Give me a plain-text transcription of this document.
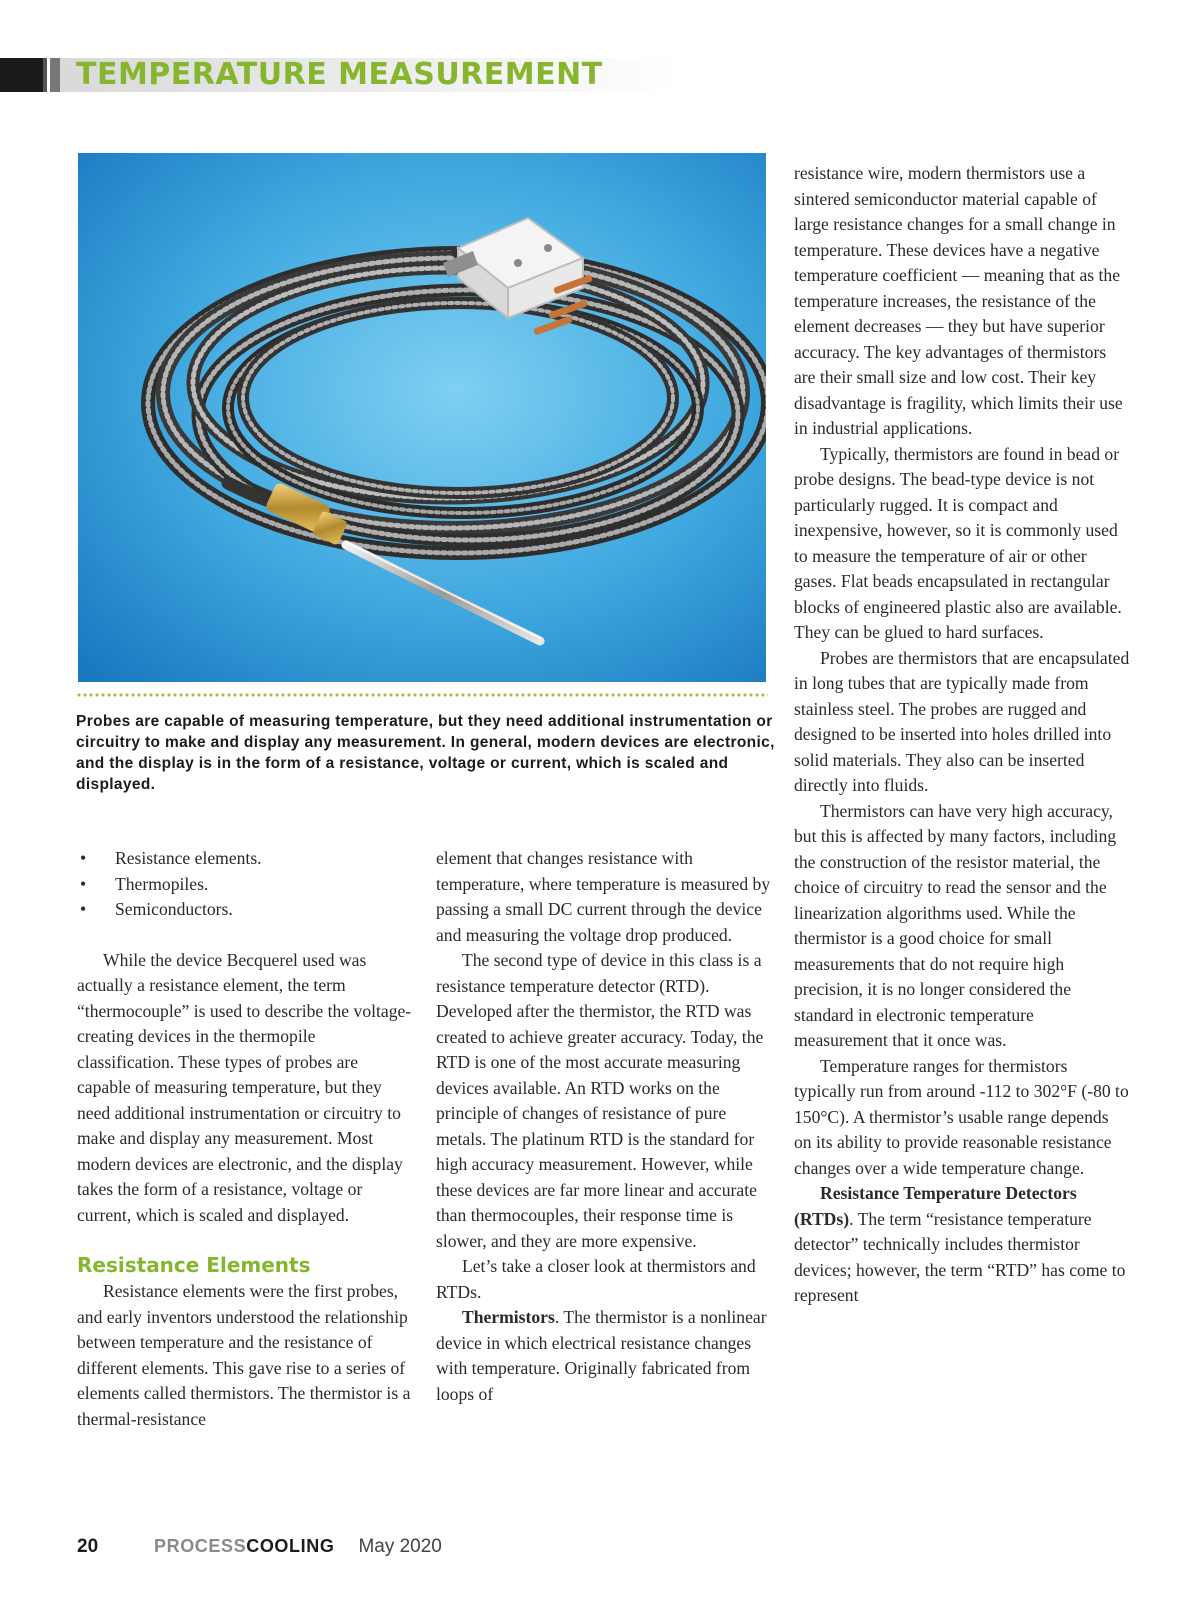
TEMPERATURE MEASUREMENT

Probes are capable of measuring temperature, but they need additional instrumentation or circuitry to make and display any measurement. In general, modern devices are electronic, and the display is in the form of a resistance, voltage or current, which is scaled and displayed.

• Resistance elements.
• Thermopiles.
• Semiconductors.

While the device Becquerel used was actually a resistance element, the term “thermocouple” is used to describe the voltage-creating devices in the thermopile classification. These types of probes are capable of measuring temperature, but they need additional instrumentation or circuitry to make and display any measurement. Most modern devices are electronic, and the display takes the form of a resistance, voltage or current, which is scaled and displayed.

Resistance Elements

Resistance elements were the first probes, and early inventors understood the relationship between temperature and the resistance of different elements. This gave rise to a series of elements called thermistors. The thermistor is a thermal-resistance

element that changes resistance with temperature, where temperature is measured by passing a small DC current through the device and measuring the voltage drop produced.

The second type of device in this class is a resistance temperature detector (RTD). Developed after the thermistor, the RTD was created to achieve greater accuracy. Today, the RTD is one of the most accurate measuring devices available. An RTD works on the principle of changes of resistance of pure metals. The platinum RTD is the standard for high accuracy measurement. However, while these devices are far more linear and accurate than thermocouples, their response time is slower, and they are more expensive.

Let’s take a closer look at thermistors and RTDs.

Thermistors. The thermistor is a nonlinear device in which electrical resistance changes with temperature. Originally fabricated from loops of

resistance wire, modern thermistors use a sintered semiconductor material capable of large resistance changes for a small change in temperature. These devices have a negative temperature coefficient — meaning that as the temperature increases, the resistance of the element decreases — they but have superior accuracy. The key advantages of thermistors are their small size and low cost. Their key disadvantage is fragility, which limits their use in industrial applications.

Typically, thermistors are found in bead or probe designs. The bead-type device is not particularly rugged. It is compact and inexpensive, however, so it is commonly used to measure the temperature of air or other gases. Flat beads encapsulated in rectangular blocks of engineered plastic also are available. They can be glued to hard surfaces.

Probes are thermistors that are encapsulated in long tubes that are typically made from stainless steel. The probes are rugged and designed to be inserted into holes drilled into solid materials. They also can be inserted directly into fluids.

Thermistors can have very high accuracy, but this is affected by many factors, including the construction of the resistor material, the choice of circuitry to read the sensor and the linearization algorithms used. While the thermistor is a good choice for small measurements that do not require high precision, it is no longer considered the standard in electronic temperature measurement that it once was.

Temperature ranges for thermistors typically run from around -112 to 302°F (-80 to 150°C). A thermistor’s usable range depends on its ability to provide reasonable resistance changes over a wide temperature change.

Resistance Temperature Detectors (RTDs). The term “resistance temperature detector” technically includes thermistor devices; however, the term “RTD” has come to represent

20	PROCESS COOLING May 2020
